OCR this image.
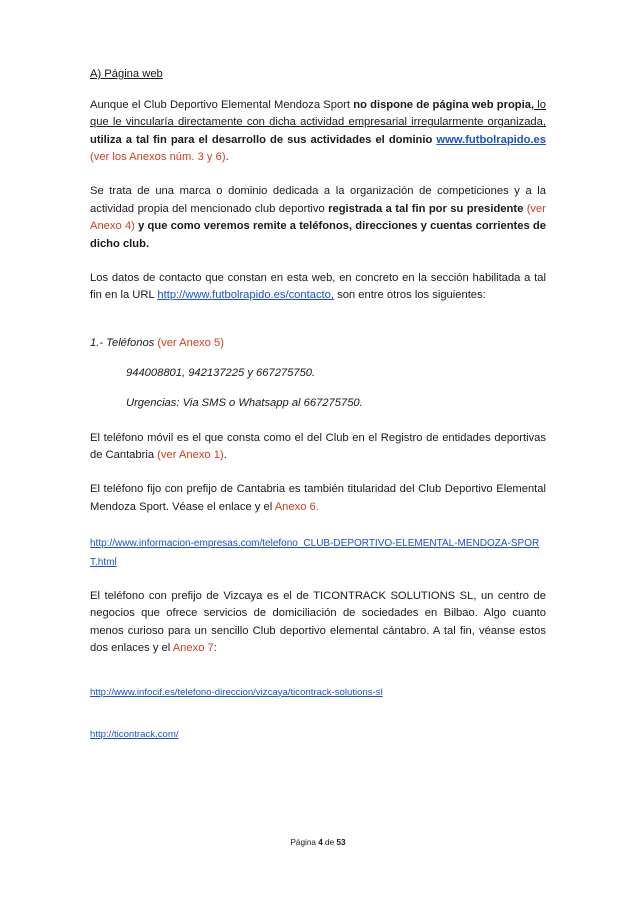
A) Página web

Aunque el Club Deportivo Elemental Mendoza Sport no dispone de página web propia, lo que le vincularía directamente con dicha actividad empresarial irregularmente organizada, utiliza a tal fin para el desarrollo de sus actividades el dominio www.futbolrapido.es (ver los Anexos núm. 3 y 6).

Se trata de una marca o dominio dedicada a la organización de competiciones y a la actividad propia del mencionado club deportivo registrada a tal fin por su presidente (ver Anexo 4) y que como veremos remite a teléfonos, direcciones y cuentas corrientes de dicho club.

Los datos de contacto que constan en esta web, en concreto en la sección habilitada a tal fin en la URL http://www.futbolrapido.es/contacto, son entre otros los siguientes:

1.- Teléfonos (ver Anexo 5)

944008801, 942137225 y 667275750.
Urgencias: Via SMS o Whatsapp al 667275750.

El teléfono móvil es el que consta como el del Club en el Registro de entidades deportivas de Cantabria (ver Anexo 1).

El teléfono fijo con prefijo de Cantabria es también titularidad del Club Deportivo Elemental Mendoza Sport. Véase el enlace y el Anexo 6.

http://www.informacion-empresas.com/telefono_CLUB-DEPORTIVO-ELEMENTAL-MENDOZA-SPORT.html

El teléfono con prefijo de Vizcaya es el de TICONTRACK SOLUTIONS SL, un centro de negocios que ofrece servicios de domiciliación de sociedades en Bilbao. Algo cuanto menos curioso para un sencillo Club deportivo elemental cántabro. A tal fin, véanse estos dos enlaces y el Anexo 7:

http://www.infocif.es/telefono-direccion/vizcaya/ticontrack-solutions-sl
http://ticontrack.com/
Página 4 de 53
